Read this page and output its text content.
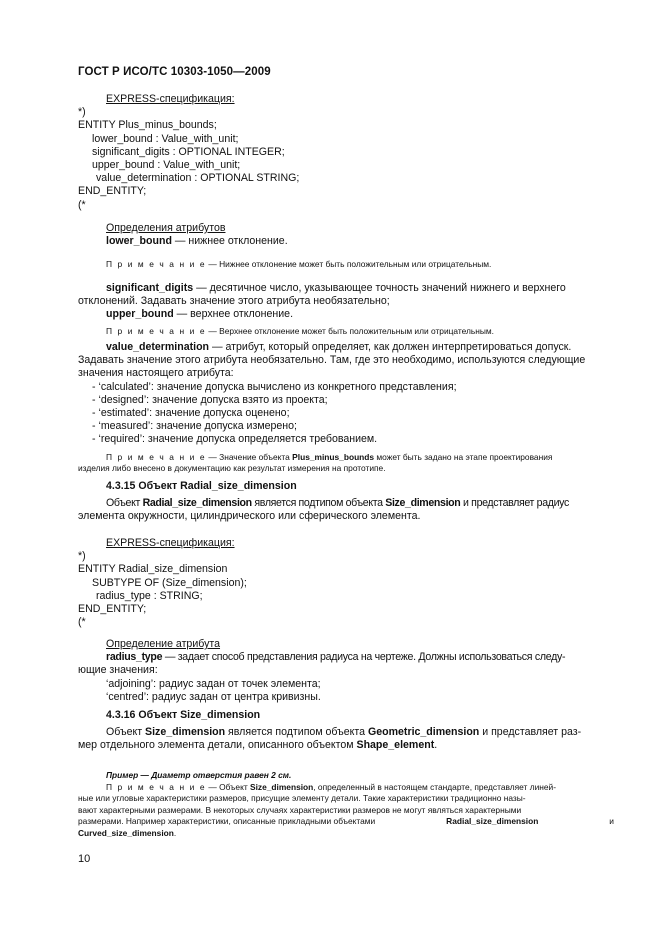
ГОСТ Р ИСО/ТС 10303-1050—2009

EXPRESS-спецификация:

*)

ENTITY Plus_minus_bounds;

lower_bound : Value_with_unit;

significant_digits : OPTIONAL INTEGER;

upper_bound : Value_with_unit;

value_determination : OPTIONAL STRING;

END_ENTITY;

(*

Определения атрибутов

lower_bound — нижнее отклонение.

П р и м е ч а н и е — Нижнее отклонение может быть положительным или отрицательным.

significant_digits — десятичное число, указывающее точность значений нижнего и верхнего

отклонений. Задавать значение этого атрибута необязательно;

upper_bound — верхнее отклонение.

П р и м е ч а н и е — Верхнее отклонение может быть положительным или отрицательным.

value_determination — атрибут, который определяет, как должен интерпретироваться допуск.

Задавать значение этого атрибута необязательно. Там, где это необходимо, используются следующие

значения настоящего атрибута:

- ‘calculated’: значение допуска вычислено из конкретного представления;

- ‘designed’: значение допуска взято из проекта;

- ‘estimated’: значение допуска оценено;

- ‘measured’: значение допуска измерено;

- ‘required’: значение допуска определяется требованием.

П р и м е ч а н и е — Значение объекта Plus_minus_bounds может быть задано на этапе проектирования

изделия либо внесено в документацию как результат измерения на прототипе.

4.3.15 Объект Radial_size_dimension

Объект Radial_size_dimension является подтипом объекта Size_dimension и представляет радиус

элемента окружности, цилиндрического или сферического элемента.

EXPRESS-спецификация:

*)

ENTITY Radial_size_dimension

SUBTYPE OF (Size_dimension);

radius_type : STRING;

END_ENTITY;

(*

Определение атрибута

radius_type — задает способ представления радиуса на чертеже. Должны использоваться следу-

ющие значения:

‘adjoining’: радиус задан от точек элемента;

‘centred’: радиус задан от центра кривизны.

4.3.16 Объект Size_dimension

Объект Size_dimension является подтипом объекта Geometric_dimension и представляет раз-

мер отдельного элемента детали, описанного объектом Shape_element.

Пример — Диаметр отверстия равен 2 см.

П р и м е ч а н и е — Объект Size_dimension, определенный в настоящем стандарте, представляет линей-

ные или угловые характеристики размеров, присущие элементу детали. Такие характеристики традиционно назы-

вают характерными размерами. В некоторых случаях характеристики размеров не могут являться характерными

размерами. Например характеристики, описанные прикладными объектами	Radial_size_dimension	и

Curved_size_dimension.

10
